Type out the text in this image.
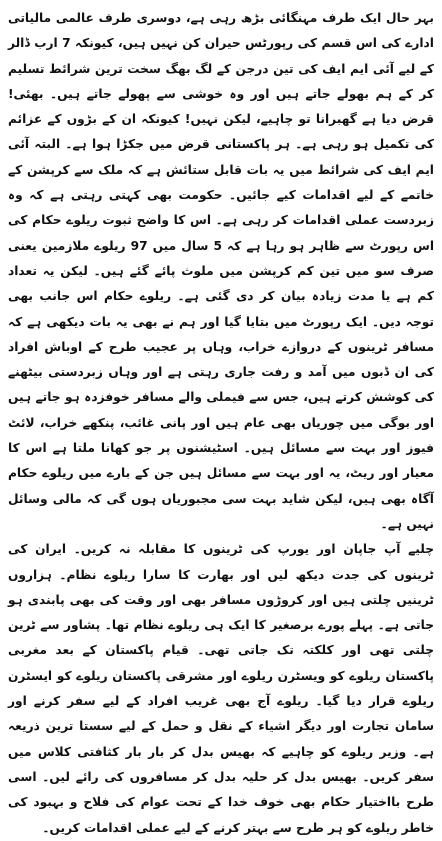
بہر حال ایک طرف مہنگائی بڑھ رہی ہے، دوسری طرف عالمی مالیاتی ادارے کی اس قسم کی رپورٹس حیران کن نہیں ہیں، کیونکہ 7 ارب ڈالر کے لیے آئی ایم ایف کی تین درجن کے لگ بھگ سخت ترین شرائط تسلیم کر کے ہم بھولے جاتے ہیں اور وہ خوشی سے پھولے جاتے ہیں۔ بھئی! قرض دیا ہے گھبرانا تو چاہیے، لیکن نہیں! کیونکہ ان کے بڑوں کے عزائم کی تکمیل ہو رہی ہے۔ ہر پاکستانی قرض میں جکڑا ہوا ہے۔ البتہ آئی ایم ایف کی شرائط میں یہ بات قابل ستائش ہے کہ ملک سے کرپشن کے خاتمے کے لیے اقدامات کیے جائیں۔ حکومت بھی کہتی رہتی ہے کہ وہ زبردست عملی اقدامات کر رہی ہے۔ اس کا واضح ثبوت ریلوے حکام کی اس رپورٹ سے ظاہر ہو رہا ہے کہ 5 سال میں 97 ریلوے ملازمین یعنی صرف سو میں تین کم کرپشن میں ملوث پائے گئے ہیں۔ لیکن یہ تعداد کم ہے یا مدت زیادہ بیان کر دی گئی ہے۔ ریلوے حکام اس جانب بھی توجہ دیں۔ ایک رپورٹ میں بتایا گیا اور ہم نے بھی یہ بات دیکھی ہے کہ مسافر ٹرینوں کے دروازے خراب، وہاں پر عجیب طرح کے اوباش افراد کی ان ڈبوں میں آمد و رفت جاری رہتی ہے اور وہاں زبردستی بیٹھنے کی کوشش کرتے ہیں، جس سے فیملی والے مسافر خوفزدہ ہو جاتے ہیں اور بوگی میں چوریاں بھی عام ہیں اور پانی غائب، پنکھے خراب، لائٹ فیوز اور بہت سے مسائل ہیں۔ اسٹیشنوں پر جو کھانا ملتا ہے اس کا معیار اور ریٹ، یہ اور بہت سے مسائل ہیں جن کے بارے میں ریلوے حکام آگاہ بھی ہیں، لیکن شاید بہت سی مجبوریاں ہوں گی کہ مالی وسائل نہیں ہے۔

چلیے آپ جاپان اور یورپ کی ٹرینوں کا مقابلہ نہ کریں۔ ایران کی ٹرینوں کی جدت دیکھ لیں اور بھارت کا سارا ریلوے نظام۔ ہزاروں ٹرینیں چلتی ہیں اور کروڑوں مسافر بھی اور وقت کی بھی پابندی ہو جاتی ہے۔ پہلے پورے برصغیر کا ایک ہی ریلوے نظام تھا۔ پشاور سے ٹرین چلتی تھی اور کلکتہ تک جاتی تھی۔ قیام پاکستان کے بعد مغربی پاکستان ریلوے کو ویسٹرن ریلوے اور مشرقی پاکستان ریلوے کو ایسٹرن ریلوے قرار دیا گیا۔ ریلوے آج بھی غریب افراد کے لیے سفر کرنے اور سامان تجارت اور دیگر اشیاء کے نقل و حمل کے لیے سستا ترین ذریعہ ہے۔ وزیر ریلوے کو چاہیے کہ بھیس بدل کر بار بار کثافتی کلاس میں سفر کریں۔ بھیس بدل کر حلیہ بدل کر مسافروں کی رائے لیں۔ اسی طرح بااختیار حکام بھی خوف خدا کے تحت عوام کی فلاح و بہبود کی خاطر ریلوے کو ہر طرح سے بہتر کرنے کے لیے عملی اقدامات کریں۔
